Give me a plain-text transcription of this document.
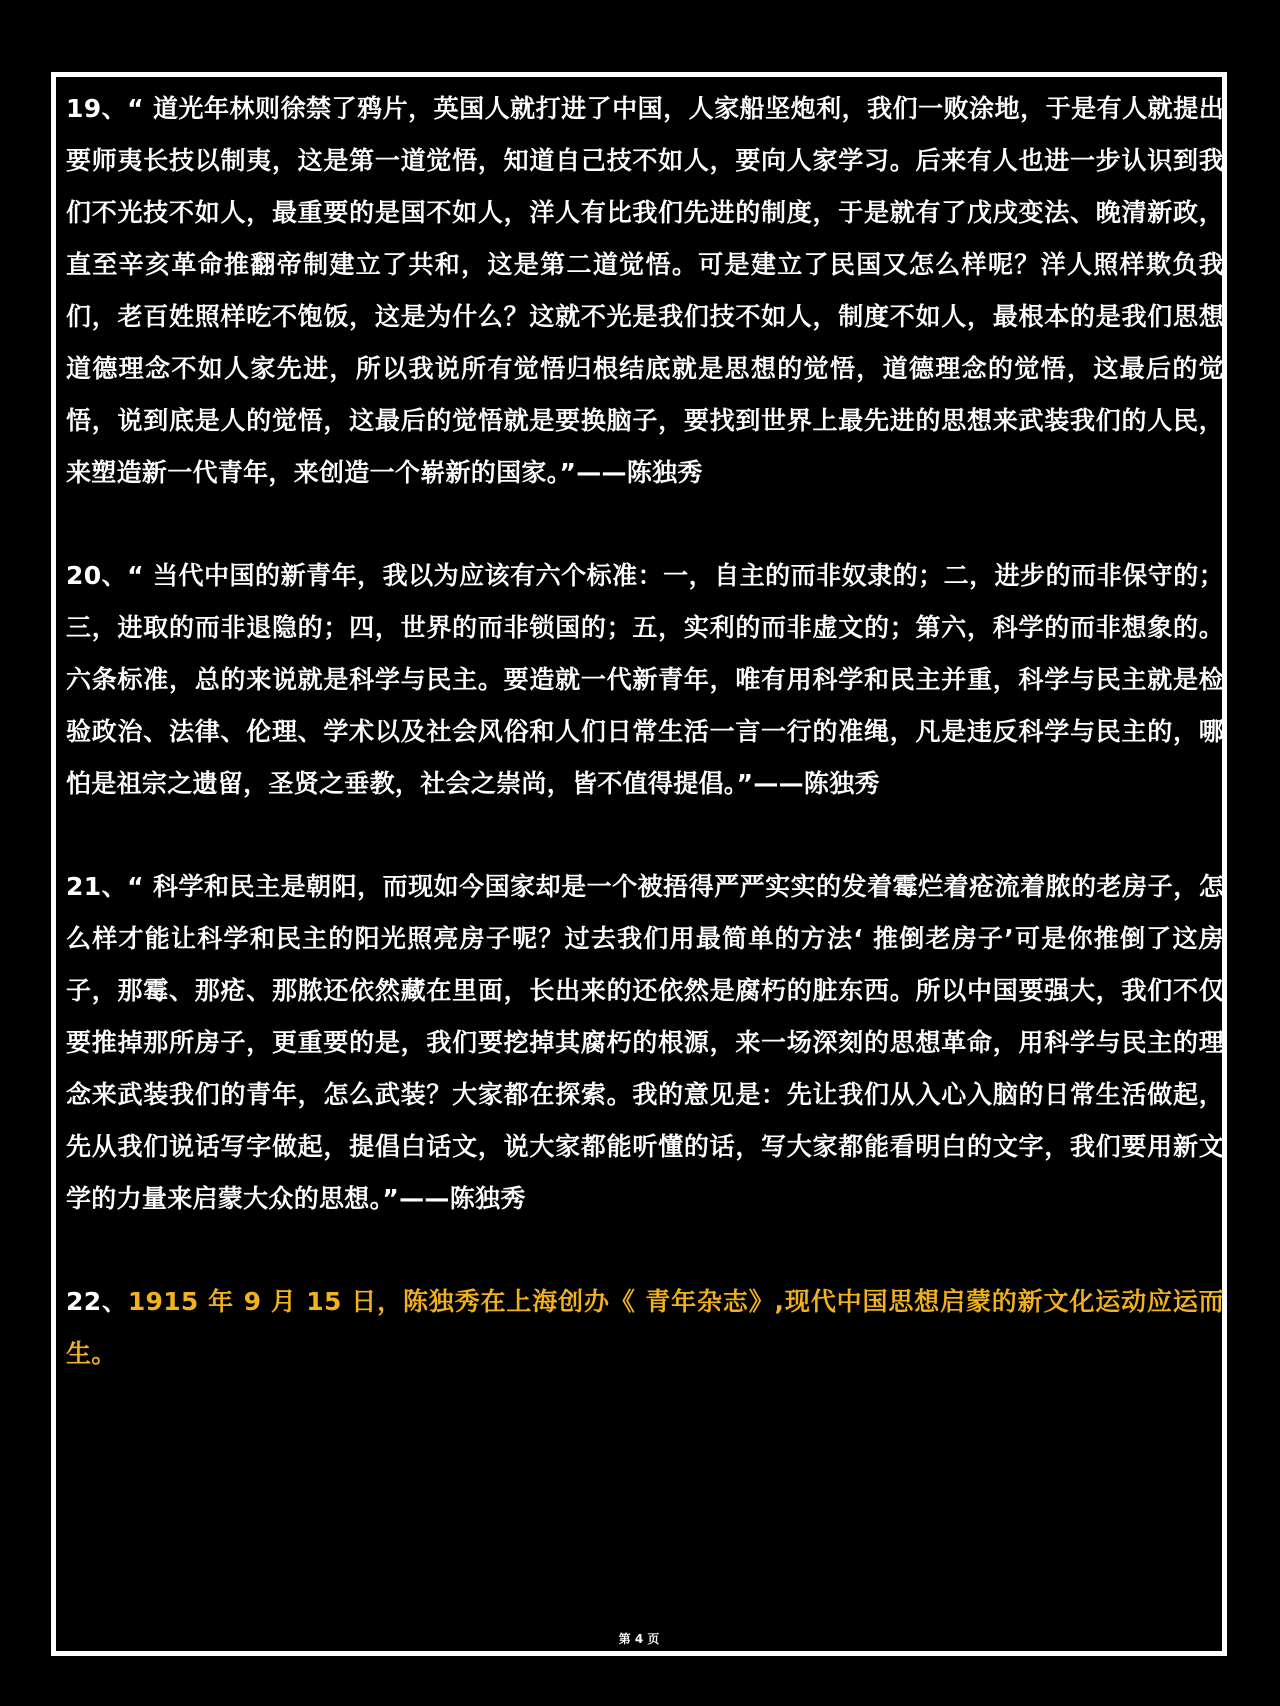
19、“ 道光年林则徐禁了鸦片，英国人就打进了中国，人家船坚炮利，我们一败涂地，于是有人就提出要师夷长技以制夷，这是第一道觉悟，知道自己技不如人，要向人家学习。后来有人也进一步认识到我们不光技不如人，最重要的是国不如人，洋人有比我们先进的制度，于是就有了戊戌变法、晚清新政，直至辛亥革命推翻帝制建立了共和，这是第二道觉悟。可是建立了民国又怎么样呢？洋人照样欺负我们，老百姓照样吃不饱饭，这是为什么？这就不光是我们技不如人，制度不如人，最根本的是我们思想道德理念不如人家先进，所以我说所有觉悟归根结底就是思想的觉悟，道德理念的觉悟，这最后的觉悟，说到底是人的觉悟，这最后的觉悟就是要换脑子，要找到世界上最先进的思想来武装我们的人民，来塑造新一代青年，来创造一个崭新的国家。”——陈独秀

20、“ 当代中国的新青年，我以为应该有六个标准：一，自主的而非奴隶的；二，进步的而非保守的；三，进取的而非退隐的；四，世界的而非锁国的；五，实利的而非虚文的；第六，科学的而非想象的。六条标准，总的来说就是科学与民主。要造就一代新青年，唯有用科学和民主并重，科学与民主就是检验政治、法律、伦理、学术以及社会风俗和人们日常生活一言一行的准绳，凡是违反科学与民主的，哪怕是祖宗之遗留，圣贤之垂教，社会之崇尚，皆不值得提倡。”——陈独秀

21、“ 科学和民主是朝阳，而现如今国家却是一个被捂得严严实实的发着霉烂着疮流着脓的老房子，怎么样才能让科学和民主的阳光照亮房子呢？过去我们用最简单的方法‘ 推倒老房子’可是你推倒了这房子，那霉、那疮、那脓还依然藏在里面，长出来的还依然是腐朽的脏东西。所以中国要强大，我们不仅要推掉那所房子，更重要的是，我们要挖掉其腐朽的根源，来一场深刻的思想革命，用科学与民主的理念来武装我们的青年，怎么武装？大家都在探索。我的意见是：先让我们从入心入脑的日常生活做起，先从我们说话写字做起，提倡白话文，说大家都能听懂的话，写大家都能看明白的文字，我们要用新文学的力量来启蒙大众的思想。”——陈独秀

22、1915 年 9 月 15 日，陈独秀在上海创办《 青年杂志》,现代中国思想启蒙的新文化运动应运而生。

第 4 页
